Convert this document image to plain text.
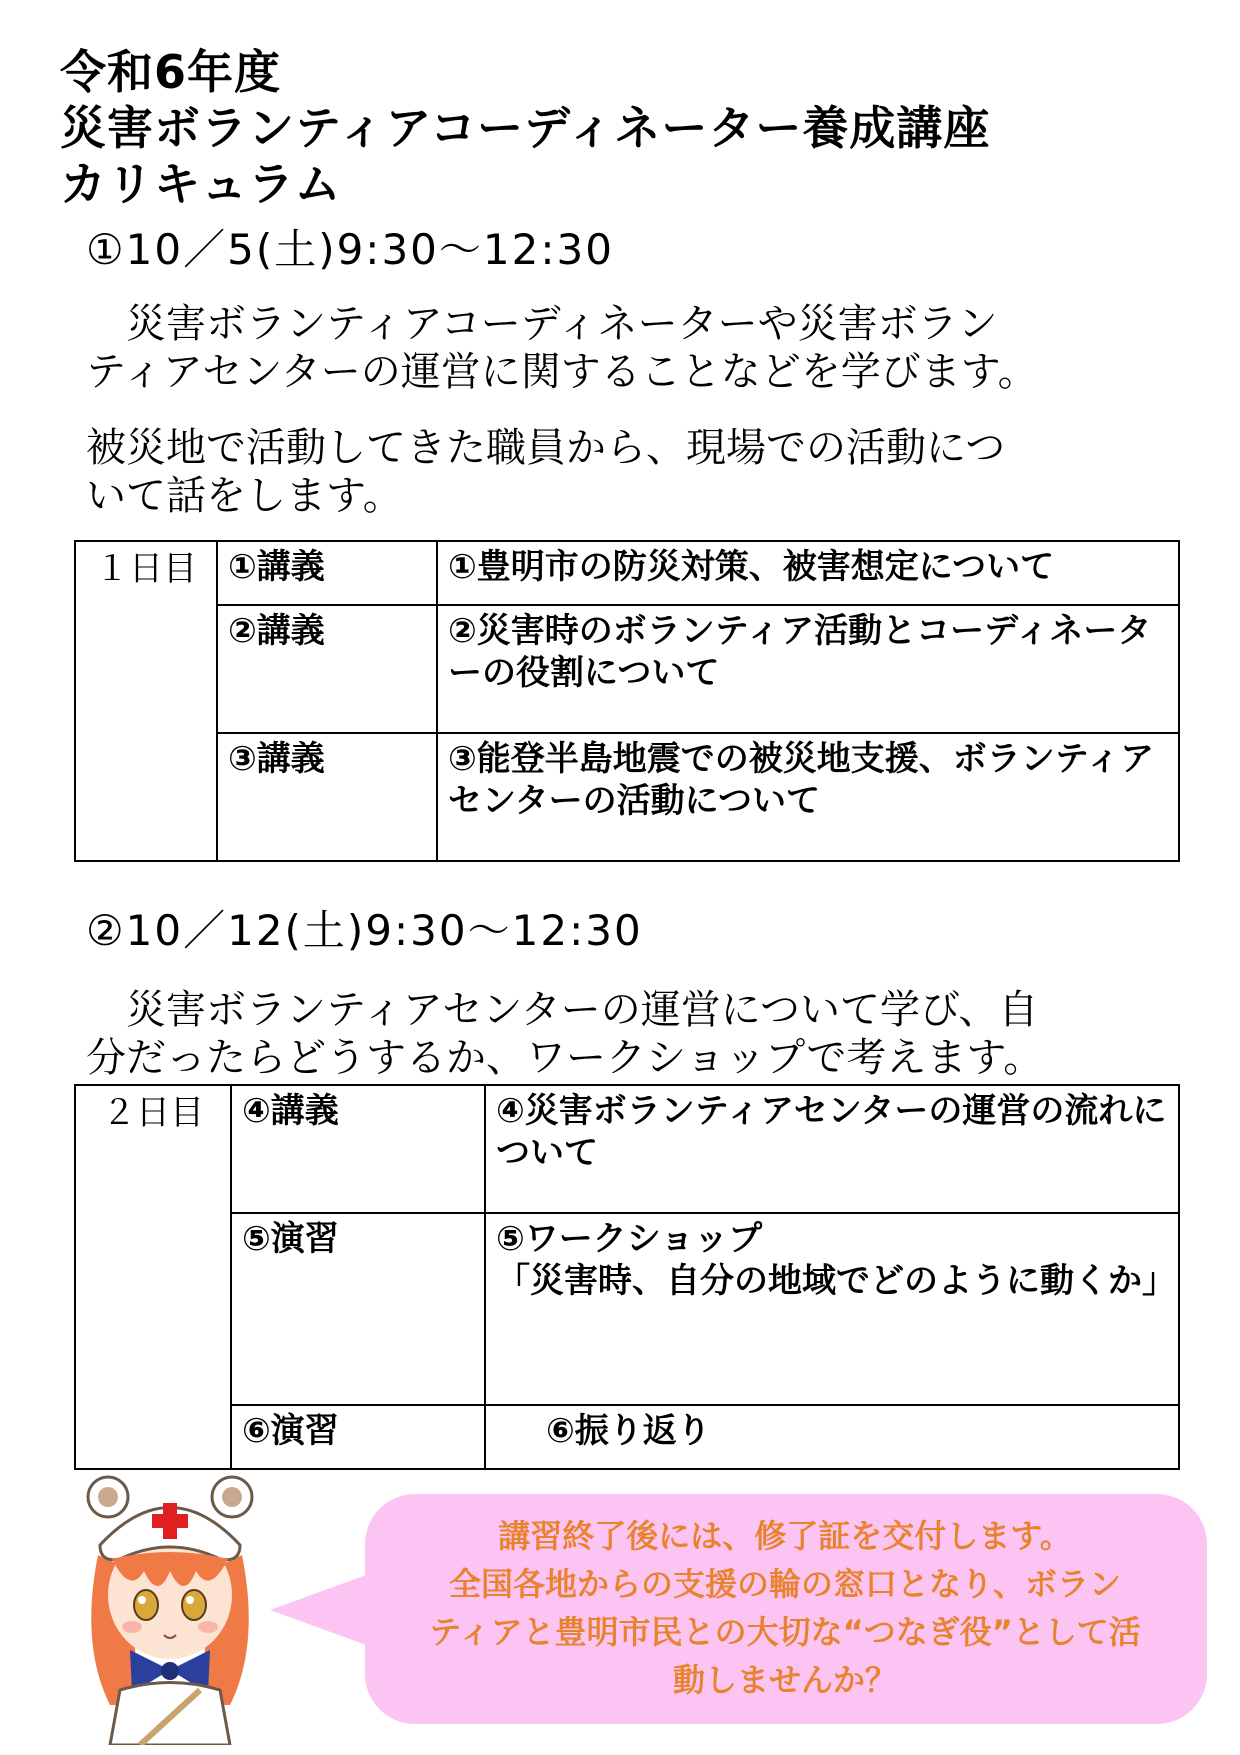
令和6年度
災害ボランティアコーディネーター養成講座
カリキュラム
①10／5(土)9:30～12:30
　災害ボランティアコーディネーターや災害ボラン
ティアセンターの運営に関することなどを学びます。
被災地で活動してきた職員から、現場での活動につ
いて話をします。
１日目	①講義	①豊明市の防災対策、被害想定について
	②講義	②災害時のボランティア活動とコーディネーターの役割について
	③講義	③能登半島地震での被災地支援、ボランティアセンターの活動について
②10／12(土)9:30～12:30
　災害ボランティアセンターの運営について学び、自
分だったらどうするか、ワークショップで考えます。
２日目	④講義	④災害ボランティアセンターの運営の流れについて
	⑤演習	⑤ワークショップ
「災害時、自分の地域でどのように動くか」

	⑥演習	⑥振り返り
講習終了後には、修了証を交付します。
全国各地からの支援の輪の窓口となり、ボラン
ティアと豊明市民との大切な“つなぎ役”として活
動しませんか？
